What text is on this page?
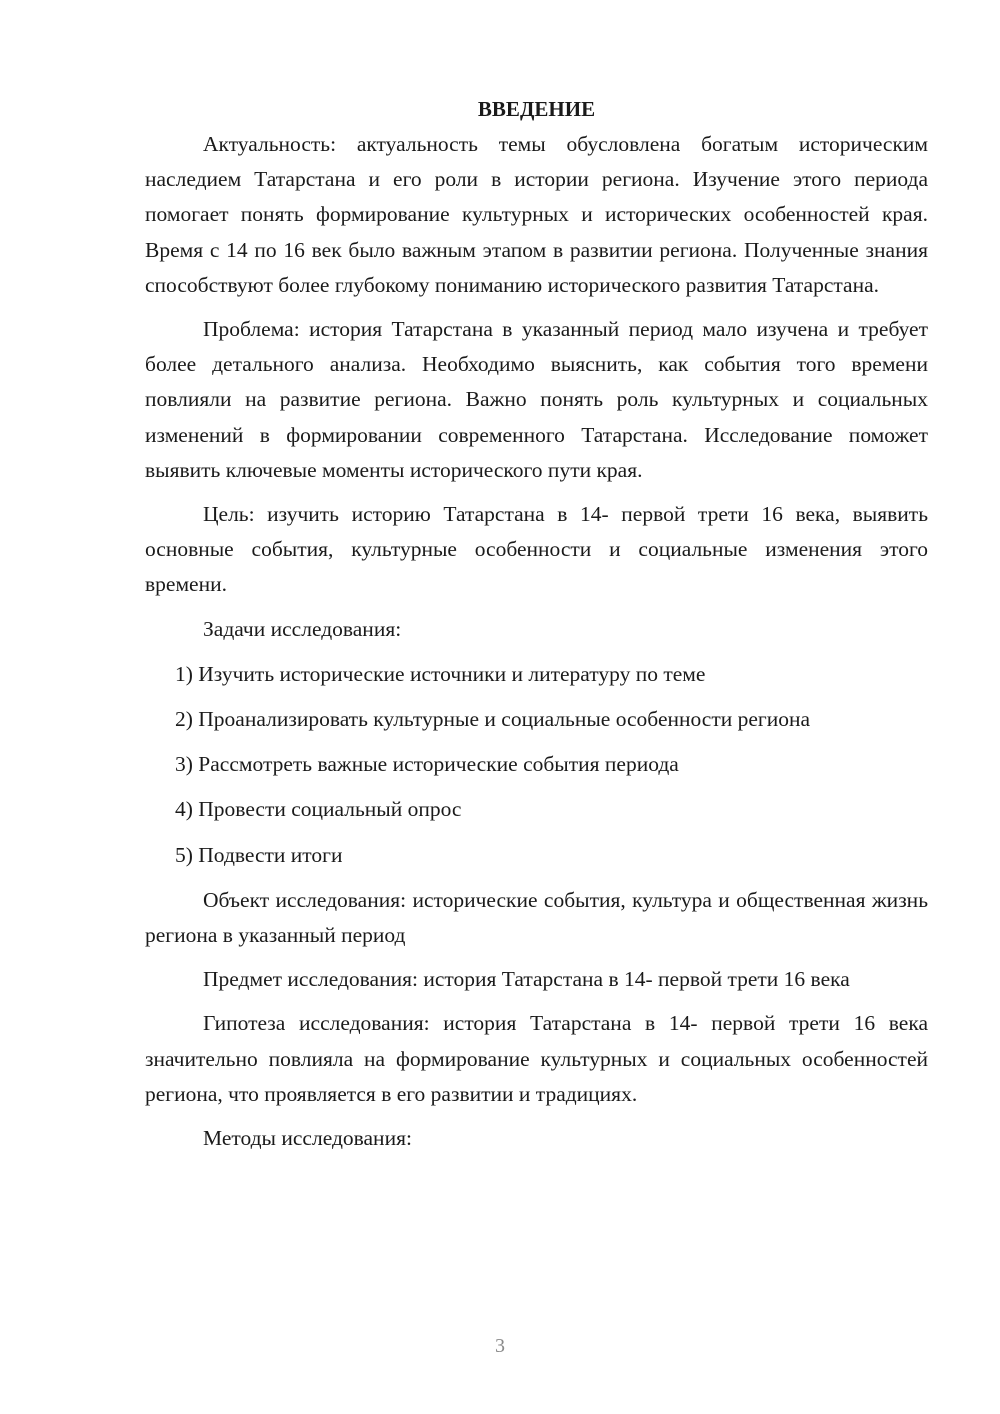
ВВЕДЕНИЕ

Актуальность: актуальность темы обусловлена богатым историческим наследием Татарстана и его роли в истории региона. Изучение этого периода помогает понять формирование культурных и исторических особенностей края. Время с 14 по 16 век было важным этапом в развитии региона. Полученные знания способствуют более глубокому пониманию исторического развития Татарстана.

Проблема: история Татарстана в указанный период мало изучена и требует более детального анализа. Необходимо выяснить, как события того времени повлияли на развитие региона. Важно понять роль культурных и социальных изменений в формировании современного Татарстана. Исследование поможет выявить ключевые моменты исторического пути края.

Цель: изучить историю Татарстана в 14- первой трети 16 века, выявить основные события, культурные особенности и социальные изменения этого времени.

Задачи исследования:

1) Изучить исторические источники и литературу по теме
2) Проанализировать культурные и социальные особенности региона
3) Рассмотреть важные исторические события периода
4) Провести социальный опрос
5) Подвести итоги

Объект исследования: исторические события, культура и общественная жизнь региона в указанный период

Предмет исследования: история Татарстана в 14- первой трети 16 века

Гипотеза исследования: история Татарстана в 14- первой трети 16 века значительно повлияла на формирование культурных и социальных особенностей региона, что проявляется в его развитии и традициях.

Методы исследования:

3
